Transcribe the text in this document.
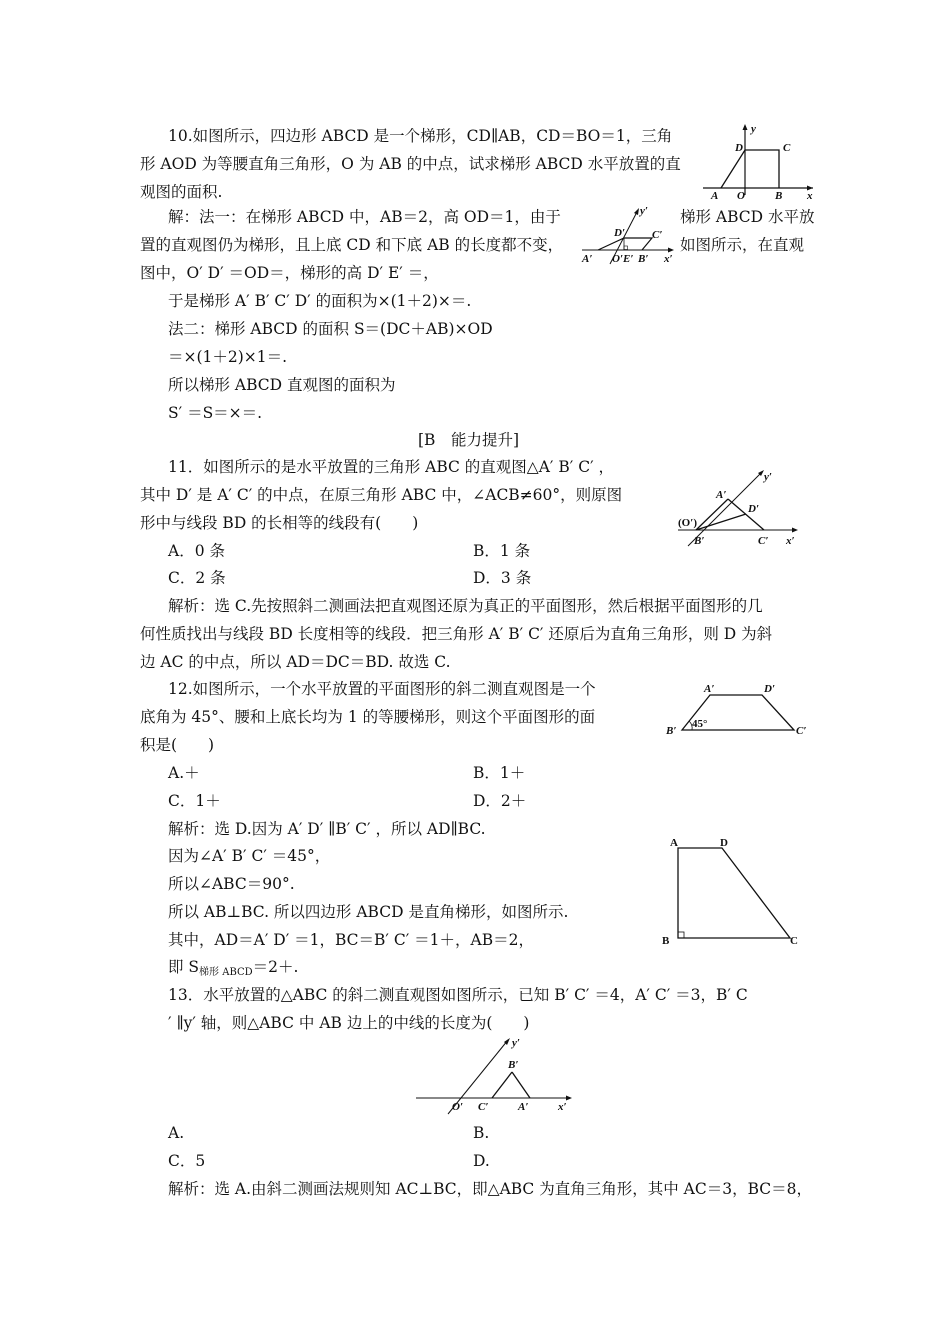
10.如图所示，四边形 ABCD 是一个梯形，CD∥AB，CD＝BO＝1，三角
形 AOD 为等腰直角三角形，O 为 AB 的中点，试求梯形 ABCD 水平放置的直
观图的面积.
解：法一：在梯形 ABCD 中，AB＝2，高 OD＝1，由于	梯形 ABCD 水平放
置的直观图仍为梯形，且上底 CD 和下底 AB 的长度都不变，	如图所示，在直观
图中，O′ D′ ＝OD＝，梯形的高 D′ E′ ＝，
于是梯形 A′ B′ C′ D′ 的面积为×(1＋2)×＝.
法二：梯形 ABCD 的面积 S＝(DC＋AB)×OD
＝×(1＋2)×1＝.
所以梯形 ABCD 直观图的面积为
S′ ＝S＝×＝.
y
D	C
A O	B x
y′
D′ C′
A′ O′E′ B′ x′
[B　能力提升]
11．如图所示的是水平放置的三角形 ABC 的直观图△A′ B′ C′ ，
其中 D′ 是 A′ C′ 的中点，在原三角形 ABC 中，∠ACB≠60°，则原图
形中与线段 BD 的长相等的线段有(　　)
A．0 条	B．1 条
C．2 条	D．3 条
解析：选 C.先按照斜二测画法把直观图还原为真正的平面图形，然后根据平面图形的几
何性质找出与线段 BD 长度相等的线段．把三角形 A′ B′ C′ 还原后为直角三角形，则 D 为斜
边 AC 的中点，所以 AD＝DC＝BD. 故选 C.
y′
A′
D′
(O′)
B′	C′ x′
12.如图所示，一个水平放置的平面图形的斜二测直观图是一个
底角为 45°、腰和上底长均为 1 的等腰梯形，则这个平面图形的面
积是(　　)
A.＋	B．1＋
C．1＋	D．2＋
解析：选 D.因为 A′ D′ ∥B′ C′ ，所以 AD∥BC.
因为∠A′ B′ C′ ＝45°，
所以∠ABC＝90°.
所以 AB⊥BC. 所以四边形 ABCD 是直角梯形，如图所示.
其中，AD＝A′ D′ ＝1，BC＝B′ C′ ＝1＋，AB＝2，
即 $S_{梯形 ABCD}=2+$.
A′	D′
B′
45°
C′
A	D
B	C
13．水平放置的△ABC 的斜二测直观图如图所示，已知 B′ C′ ＝4，A′ C′ ＝3，B′ C
′ ∥y′ 轴，则△ABC 中 AB 边上的中线的长度为(　　)
y′
B′
O′ C′	A′	x′
A.	B.
C．5	D.
解析：选 A.由斜二测画法规则知 AC⊥BC，即△ABC 为直角三角形，其中 AC＝3，BC＝8，
